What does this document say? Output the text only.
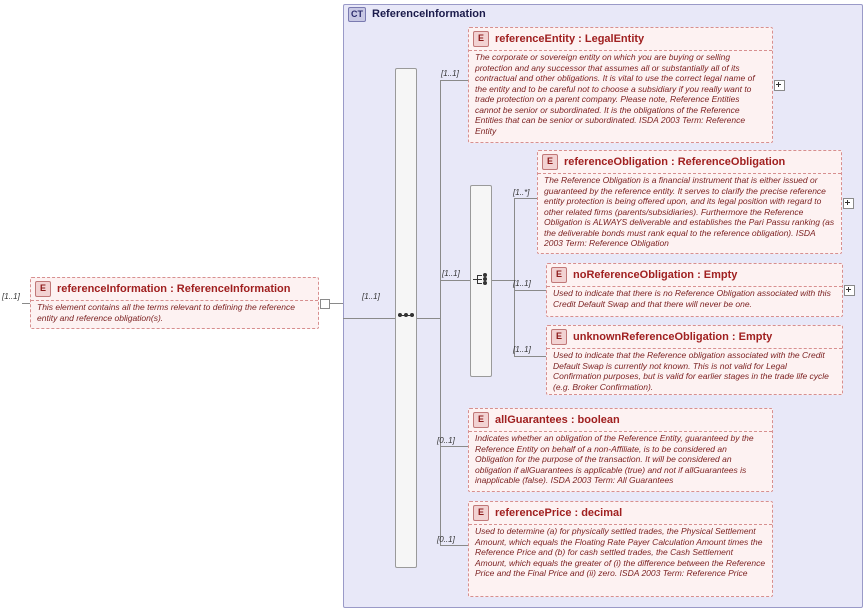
CT ReferenceInformation
E	referenceInformation : ReferenceInformation
This element contains all the terms relevant to defining the reference entity and reference obligation(s).
[1..1]	[1..1]
[1..1]
E	referenceEntity : LegalEntity
The corporate or sovereign entity on which you are buying or selling protection and any successor that assumes all or substantially all of its contractual and other obligations. It is vital to use the correct legal name of the entity and to be careful not to choose a subsidiary if you really want to trade protection on a parent company. Please note, Reference Entities cannot be senior or subordinated. It is the obligations of the Reference Entities that can be senior or subordinated. ISDA 2003 Term: Reference Entity
[1..1]
[1..*]
E	referenceObligation : ReferenceObligation
The Reference Obligation is a financial instrument that is either issued or guaranteed by the reference entity. It serves to clarify the precise reference entity protection is being offered upon, and its legal position with regard to other related firms (parents/subsidiaries). Furthermore the Reference Obligation is ALWAYS deliverable and establishes the Pari Passu ranking (as the deliverable bonds must rank equal to the reference obligation). ISDA 2003 Term: Reference Obligation
[1..1]
E	noReferenceObligation : Empty
Used to indicate that there is no Reference Obligation associated with this Credit Default Swap and that there will never be one.
[1..1]
E	unknownReferenceObligation : Empty
Used to indicate that the Reference obligation associated with the Credit Default Swap is currently not known. This is not valid for Legal Confirmation purposes, but is valid for earlier stages in the trade life cycle (e.g. Broker Confirmation).
[0..1]
E	allGuarantees : boolean
Indicates whether an obligation of the Reference Entity, guaranteed by the Reference Entity on behalf of a non-Affiliate, is to be considered an Obligation for the purpose of the transaction. It will be considered an obligation if allGuarantees is applicable (true) and not if allGuarantees is inapplicable (false). ISDA 2003 Term: All Guarantees
[0..1]
E	referencePrice : decimal
Used to determine (a) for physically settled trades, the Physical Settlement Amount, which equals the Floating Rate Payer Calculation Amount times the Reference Price and (b) for cash settled trades, the Cash Settlement Amount, which equals the greater of (i) the difference between the Reference Price and the Final Price and (ii) zero. ISDA 2003 Term: Reference Price
